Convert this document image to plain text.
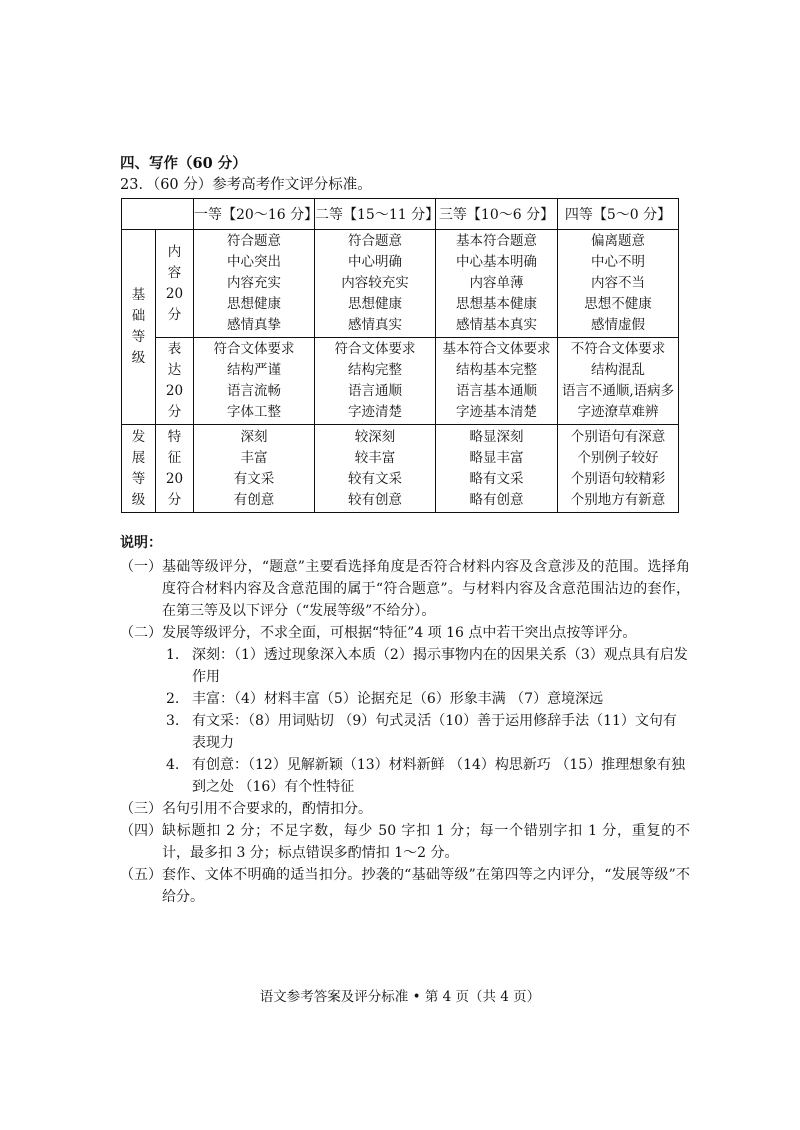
四、写作（60 分）
23．（60 分）参考高考作文评分标准。
		一等【20～16 分】	二等【15～11 分】	三等【10～6 分】	四等【5～0 分】

基
础
等
级	内
容
20
分	符合题意
中心突出
内容充实
思想健康
感情真挚	符合题意
中心明确
内容较充实
思想健康
感情真实	基本符合题意
中心基本明确
内容单薄
思想基本健康
感情基本真实	偏离题意
中心不明
内容不当
思想不健康
感情虚假

	表
达
20
分	符合文体要求
结构严谨
语言流畅
字体工整	符合文体要求
结构完整
语言通顺
字迹清楚	基本符合文体要求
结构基本完整
语言基本通顺
字迹基本清楚	不符合文体要求
结构混乱
语言不通顺,语病多
字迹潦草难辨

发
展
等
级	特
征
20
分	深刻
丰富
有文采
有创意	较深刻
较丰富
较有文采
较有创意	略显深刻
略显丰富
略有文采
略有创意	个别语句有深意
个别例子较好
个别语句较精彩
个别地方有新意
说明：
（一） 基础等级评分，“题意”主要看选择角度是否符合材料内容及含意涉及的范围。选择角度符合材料内容及含意范围的属于“符合题意”。与材料内容及含意范围沾边的套作，在第三等及以下评分（“发展等级”不给分）。
（二） 发展等级评分，不求全面，可根据“特征”4 项 16 点中若干突出点按等评分。
1. 深刻：（1）透过现象深入本质（2）揭示事物内在的因果关系（3）观点具有启发作用
2. 丰富：（4）材料丰富（5）论据充足（6）形象丰满 （7）意境深远
3. 有文采：（8）用词贴切 （9）句式灵活（10）善于运用修辞手法（11）文句有表现力
4. 有创意：（12）见解新颖（13）材料新鲜 （14）构思新巧 （15）推理想象有独到之处 （16）有个性特征
（三） 名句引用不合要求的，酌情扣分。
（四） 缺标题扣 2 分；不足字数，每少 50 字扣 1 分；每一个错别字扣 1 分，重复的不计，最多扣 3 分；标点错误多酌情扣 1～2 分。
（五） 套作、文体不明确的适当扣分。抄袭的“基础等级”在第四等之内评分，“发展等级”不给分。
语文参考答案及评分标准 • 第 4 页（共 4 页）
